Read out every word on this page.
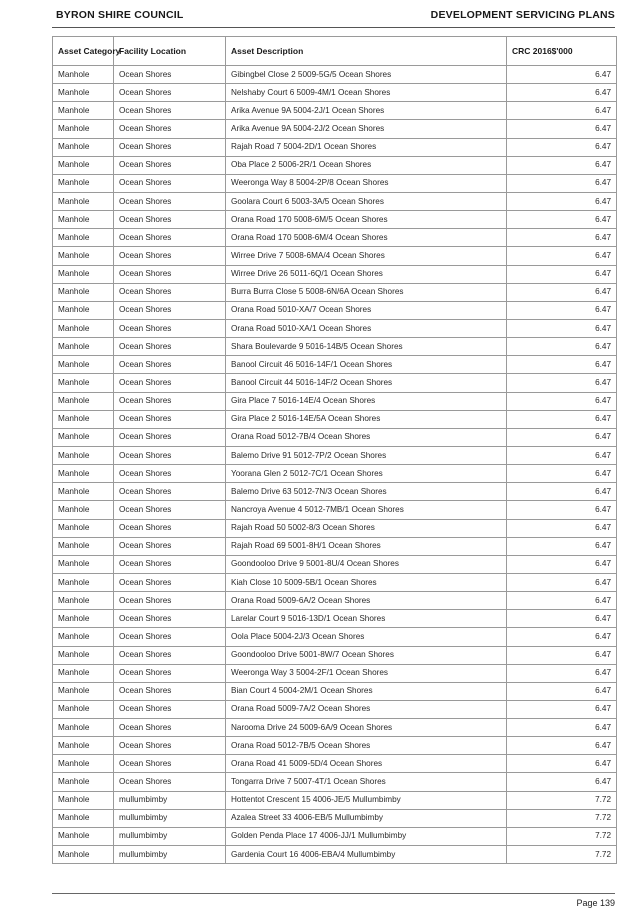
BYRON SHIRE COUNCIL	DEVELOPMENT SERVICING PLANS
Asset Category	Facility Location	Asset Description	CRC 2016$'000
Manhole	Ocean Shores	Gibingbel Close 2 5009-5G/5 Ocean Shores	6.47
Manhole	Ocean Shores	Nelshaby Court 6 5009-4M/1 Ocean Shores	6.47
Manhole	Ocean Shores	Arika Avenue 9A 5004-2J/1 Ocean Shores	6.47
Manhole	Ocean Shores	Arika Avenue 9A 5004-2J/2 Ocean Shores	6.47
Manhole	Ocean Shores	Rajah Road 7 5004-2D/1 Ocean Shores	6.47
Manhole	Ocean Shores	Oba Place 2 5006-2R/1 Ocean Shores	6.47
Manhole	Ocean Shores	Weeronga Way 8 5004-2P/8 Ocean Shores	6.47
Manhole	Ocean Shores	Goolara Court 6 5003-3A/5 Ocean Shores	6.47
Manhole	Ocean Shores	Orana Road 170 5008-6M/5 Ocean Shores	6.47
Manhole	Ocean Shores	Orana Road 170 5008-6M/4 Ocean Shores	6.47
Manhole	Ocean Shores	Wirree Drive 7 5008-6MA/4 Ocean Shores	6.47
Manhole	Ocean Shores	Wirree Drive 26 5011-6Q/1 Ocean Shores	6.47
Manhole	Ocean Shores	Burra Burra Close 5 5008-6N/6A Ocean Shores	6.47
Manhole	Ocean Shores	Orana Road 5010-XA/7 Ocean Shores	6.47
Manhole	Ocean Shores	Orana Road 5010-XA/1 Ocean Shores	6.47
Manhole	Ocean Shores	Shara Boulevarde 9 5016-14B/5 Ocean Shores	6.47
Manhole	Ocean Shores	Banool Circuit 46 5016-14F/1 Ocean Shores	6.47
Manhole	Ocean Shores	Banool Circuit 44 5016-14F/2 Ocean Shores	6.47
Manhole	Ocean Shores	Gira Place 7 5016-14E/4 Ocean Shores	6.47
Manhole	Ocean Shores	Gira Place 2 5016-14E/5A Ocean Shores	6.47
Manhole	Ocean Shores	Orana Road 5012-7B/4 Ocean Shores	6.47
Manhole	Ocean Shores	Balemo Drive 91 5012-7P/2 Ocean Shores	6.47
Manhole	Ocean Shores	Yoorana Glen 2 5012-7C/1 Ocean Shores	6.47
Manhole	Ocean Shores	Balemo Drive 63 5012-7N/3 Ocean Shores	6.47
Manhole	Ocean Shores	Nancroya Avenue 4 5012-7MB/1 Ocean Shores	6.47
Manhole	Ocean Shores	Rajah Road 50 5002-8/3 Ocean Shores	6.47
Manhole	Ocean Shores	Rajah Road 69 5001-8H/1 Ocean Shores	6.47
Manhole	Ocean Shores	Goondooloo Drive 9 5001-8U/4 Ocean Shores	6.47
Manhole	Ocean Shores	Kiah Close 10 5009-5B/1 Ocean Shores	6.47
Manhole	Ocean Shores	Orana Road 5009-6A/2 Ocean Shores	6.47
Manhole	Ocean Shores	Larelar Court 9 5016-13D/1 Ocean Shores	6.47
Manhole	Ocean Shores	Oola Place 5004-2J/3 Ocean Shores	6.47
Manhole	Ocean Shores	Goondooloo Drive 5001-8W/7 Ocean Shores	6.47
Manhole	Ocean Shores	Weeronga Way 3 5004-2F/1 Ocean Shores	6.47
Manhole	Ocean Shores	Bian Court 4 5004-2M/1 Ocean Shores	6.47
Manhole	Ocean Shores	Orana Road 5009-7A/2 Ocean Shores	6.47
Manhole	Ocean Shores	Narooma Drive 24 5009-6A/9 Ocean Shores	6.47
Manhole	Ocean Shores	Orana Road 5012-7B/5 Ocean Shores	6.47
Manhole	Ocean Shores	Orana Road 41 5009-5D/4 Ocean Shores	6.47
Manhole	Ocean Shores	Tongarra Drive 7 5007-4T/1 Ocean Shores	6.47
Manhole	mullumbimby	Hottentot Crescent 15 4006-JE/5 Mullumbimby	7.72
Manhole	mullumbimby	Azalea Street 33 4006-EB/5 Mullumbimby	7.72
Manhole	mullumbimby	Golden Penda Place 17 4006-JJ/1 Mullumbimby	7.72
Manhole	mullumbimby	Gardenia Court 16 4006-EBA/4 Mullumbimby	7.72
Page 139
